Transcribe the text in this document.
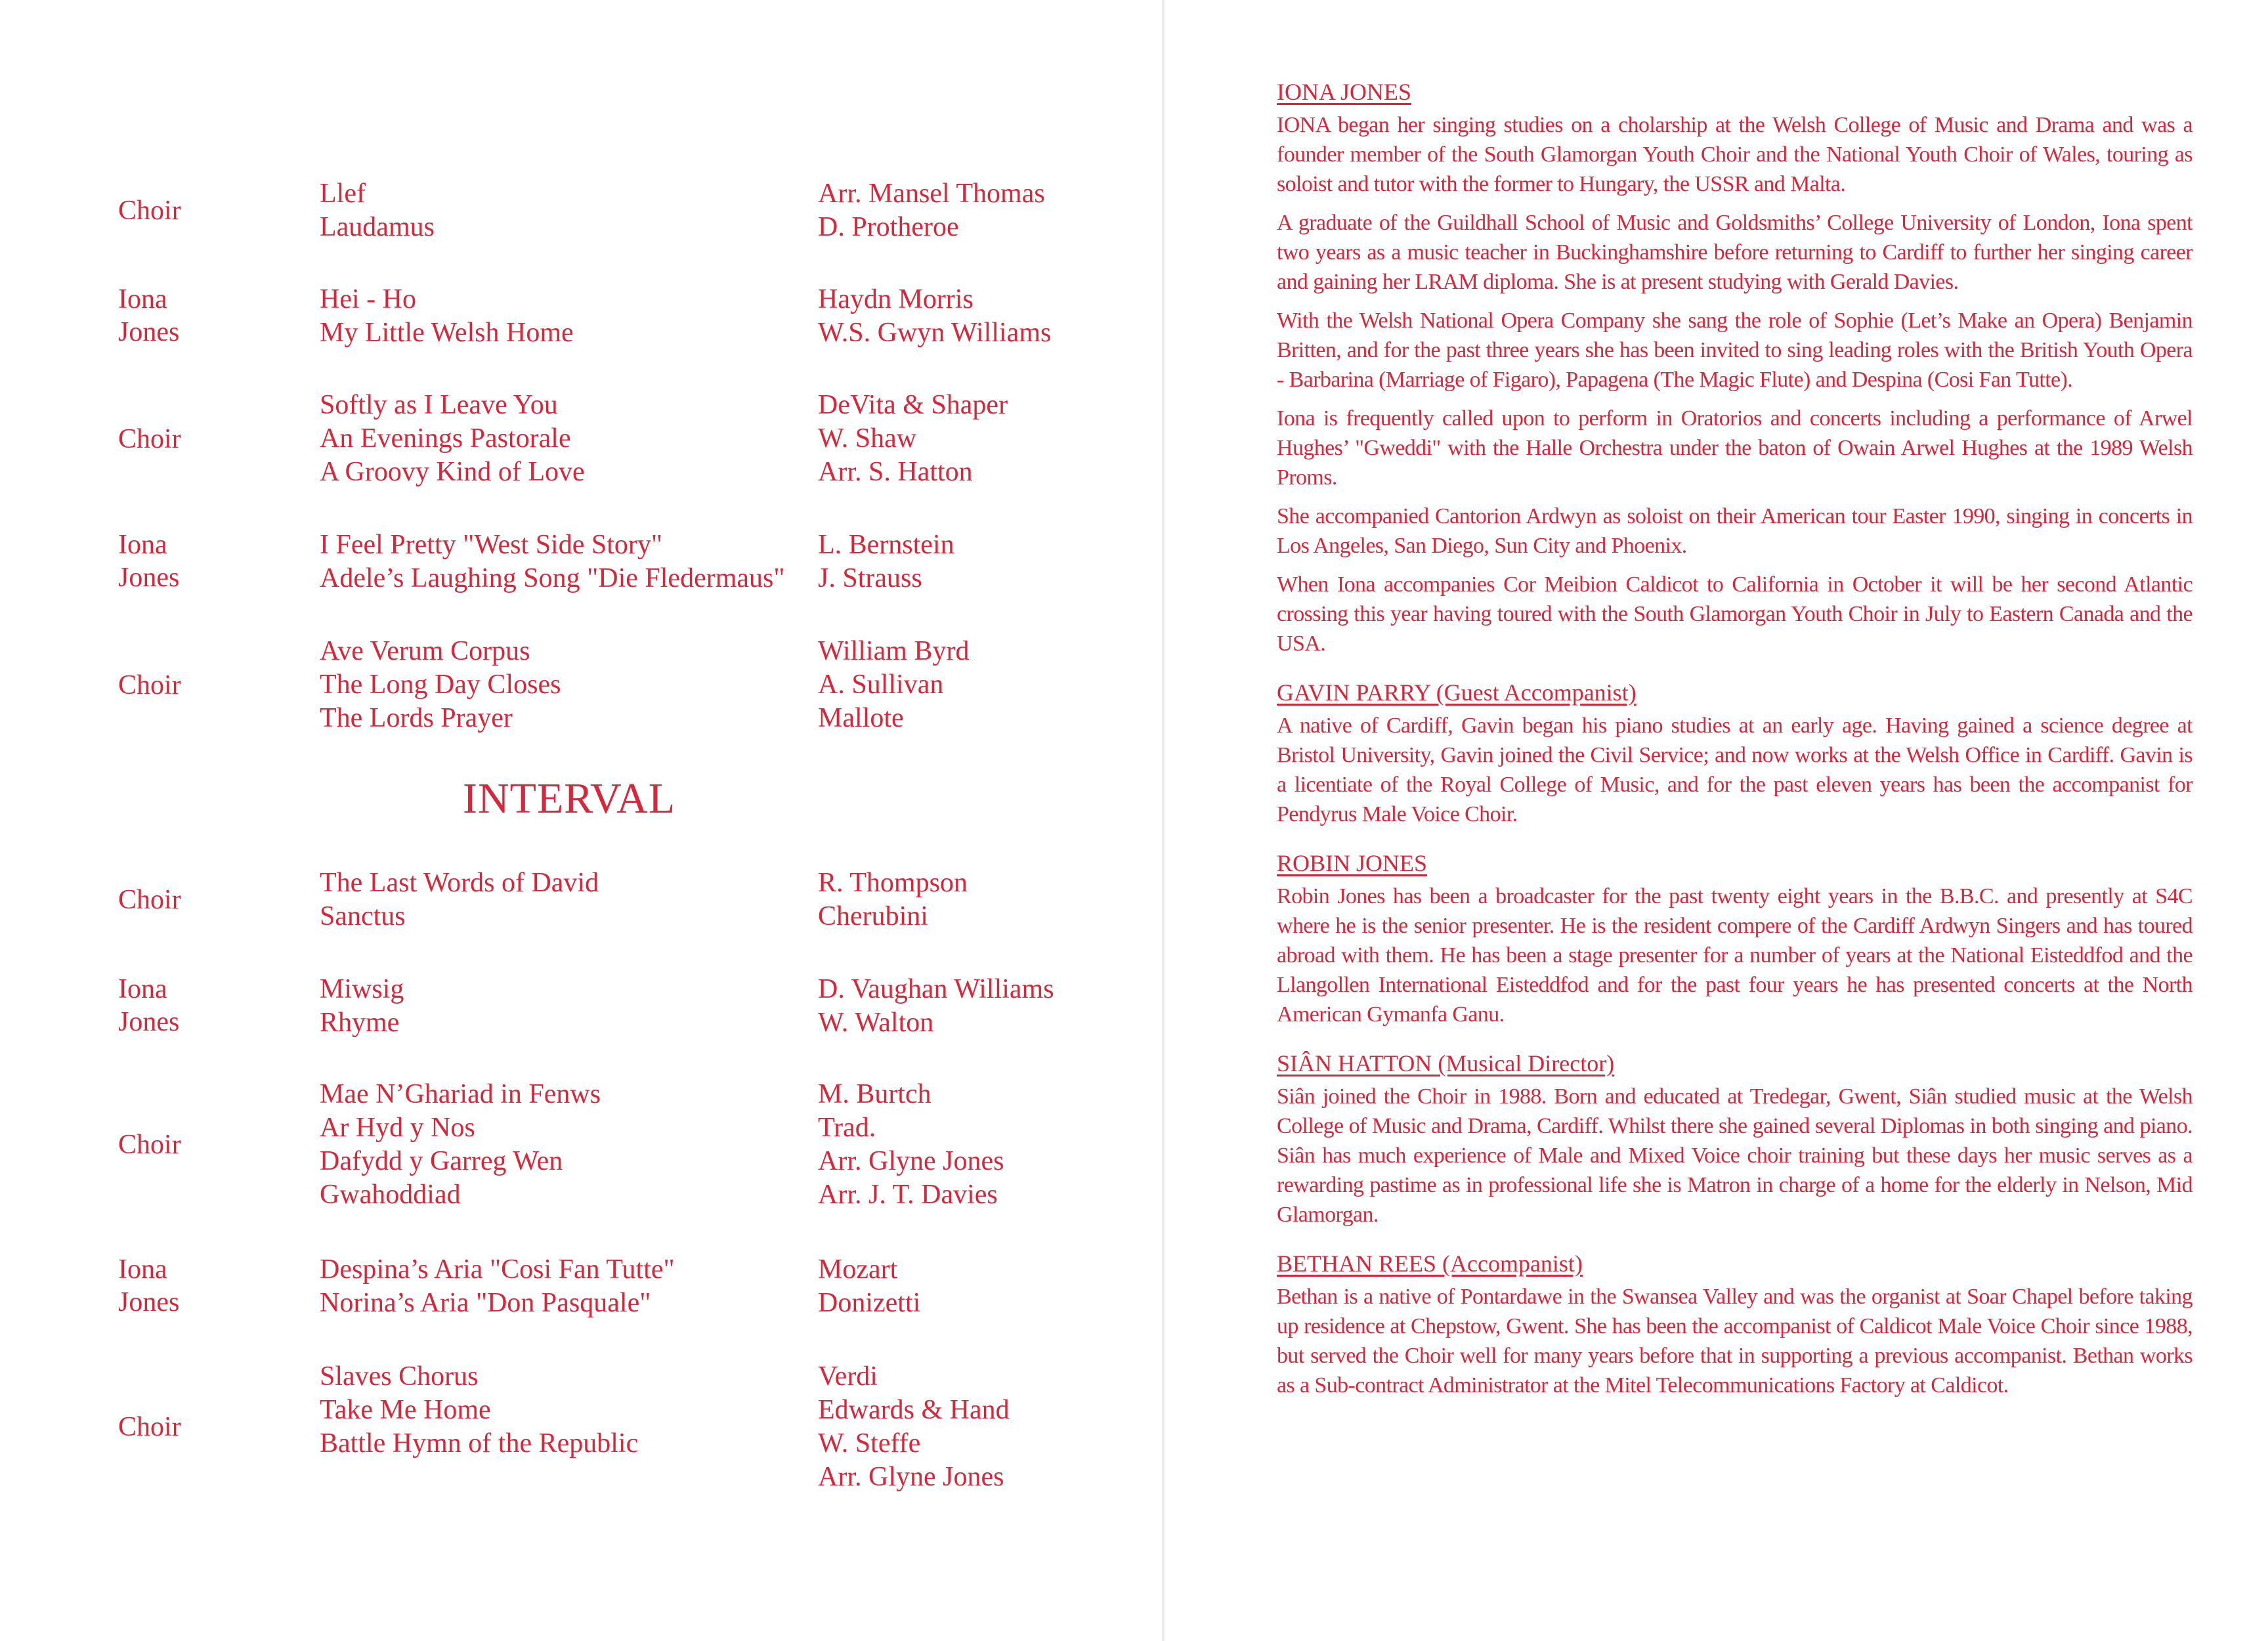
Choir
Llef	Arr. Mansel Thomas
Laudamus	D. Protheroe
Iona
Jones
Hei - Ho	Haydn Morris
My Little Welsh Home	W.S. Gwyn Williams
Choir
Softly as I Leave You	DeVita & Shaper
An Evenings Pastorale	W. Shaw
A Groovy Kind of Love	Arr. S. Hatton
Iona
Jones
I Feel Pretty "West Side Story"	L. Bernstein
Adele’s Laughing Song "Die Fledermaus" J. Strauss
Choir
Ave Verum Corpus	William Byrd
The Long Day Closes	A. Sullivan
The Lords Prayer	Mallote
INTERVAL
Choir
The Last Words of David	R. Thompson
Sanctus	Cherubini
Iona
Jones
Miwsig	D. Vaughan Williams
Rhyme	W. Walton
Choir
Mae N’Ghariad in Fenws	M. Burtch
Ar Hyd y Nos	Trad.
Dafydd y Garreg Wen	Arr. Glyne Jones
Gwahoddiad	Arr. J. T. Davies
Iona
Jones
Despina’s Aria "Cosi Fan Tutte"	Mozart
Norina’s Aria "Don Pasquale"	Donizetti
Choir
Slaves Chorus	Verdi
Take Me Home	Edwards & Hand
Battle Hymn of the Republic	W. Steffe
Arr. Glyne Jones
IONA JONES

IONA began her singing studies on a cholarship at the Welsh College of Music and Drama and was a founder member of the South Glamorgan Youth Choir and the National Youth Choir of Wales, touring as soloist and tutor with the former to Hungary, the USSR and Malta.

A graduate of the Guildhall School of Music and Goldsmiths’ College University of London, Iona spent two years as a music teacher in Buckinghamshire before returning to Cardiff to further her singing career and gaining her LRAM diploma. She is at present studying with Gerald Davies.

With the Welsh National Opera Company she sang the role of Sophie (Let’s Make an Opera) Benjamin Britten, and for the past three years she has been invited to sing leading roles with the British Youth Opera - Barbarina (Marriage of Figaro), Papagena (The Magic Flute) and Despina (Cosi Fan Tutte).

Iona is frequently called upon to perform in Oratorios and concerts including a performance of Arwel Hughes’ "Gweddi" with the Halle Orchestra under the baton of Owain Arwel Hughes at the 1989 Welsh Proms.

She accompanied Cantorion Ardwyn as soloist on their American tour Easter 1990, singing in concerts in Los Angeles, San Diego, Sun City and Phoenix.

When Iona accompanies Cor Meibion Caldicot to California in October it will be her second Atlantic crossing this year having toured with the South Glamorgan Youth Choir in July to Eastern Canada and the USA.

GAVIN PARRY (Guest Accompanist)

A native of Cardiff, Gavin began his piano studies at an early age. Having gained a science degree at Bristol University, Gavin joined the Civil Service; and now works at the Welsh Office in Cardiff. Gavin is a licentiate of the Royal College of Music, and for the past eleven years has been the accompanist for Pendyrus Male Voice Choir.

ROBIN JONES

Robin Jones has been a broadcaster for the past twenty eight years in the B.B.C. and presently at S4C where he is the senior presenter. He is the resident compere of the Cardiff Ardwyn Singers and has toured abroad with them. He has been a stage presenter for a number of years at the National Eisteddfod and the Llangollen International Eisteddfod and for the past four years he has presented concerts at the North American Gymanfa Ganu.

SIÂN HATTON (Musical Director)

Siân joined the Choir in 1988. Born and educated at Tredegar, Gwent, Siân studied music at the Welsh College of Music and Drama, Cardiff. Whilst there she gained several Diplomas in both singing and piano. Siân has much experience of Male and Mixed Voice choir training but these days her music serves as a rewarding pastime as in professional life she is Matron in charge of a home for the elderly in Nelson, Mid Glamorgan.

BETHAN REES (Accompanist)

Bethan is a native of Pontardawe in the Swansea Valley and was the organist at Soar Chapel before taking up residence at Chepstow, Gwent. She has been the accompanist of Caldicot Male Voice Choir since 1988, but served the Choir well for many years before that in supporting a previous accompanist. Bethan works as a Sub-contract Administrator at the Mitel Telecommunications Factory at Caldicot.
